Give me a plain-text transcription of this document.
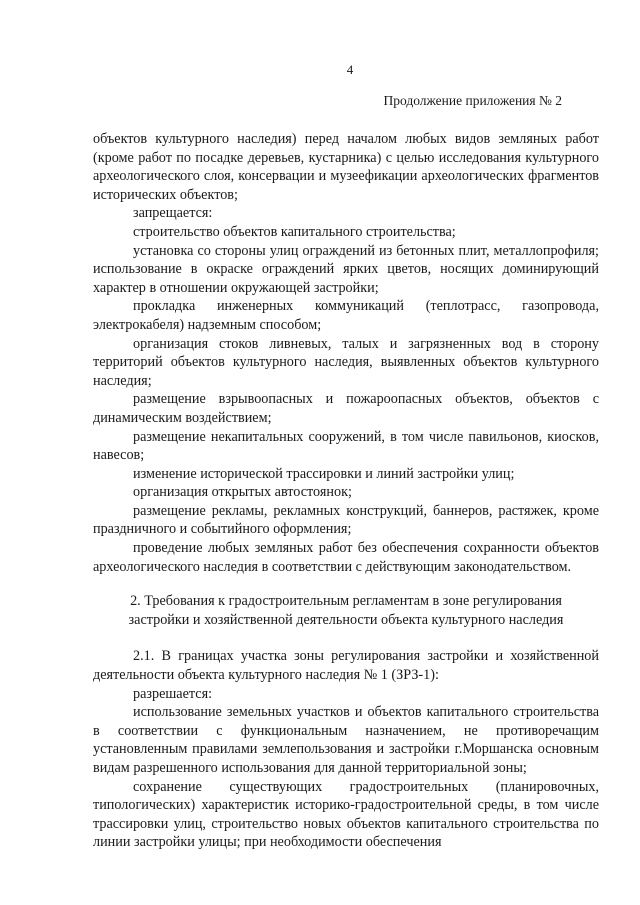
4
Продолжение приложения № 2

объектов культурного наследия) перед началом любых видов земляных работ (кроме работ по посадке деревьев, кустарника) с целью исследования культурного археологического слоя, консервации и музеефикации археологических фрагментов исторических объектов;

запрещается:

строительство объектов капитального строительства;

установка со стороны улиц ограждений из бетонных плит, металлопрофиля; использование в окраске ограждений ярких цветов, носящих доминирующий характер в отношении окружающей застройки;

прокладка инженерных коммуникаций (теплотрасс, газопровода, электрокабеля) надземным способом;

организация стоков ливневых, талых и загрязненных вод в сторону территорий объектов культурного наследия, выявленных объектов культурного наследия;

размещение взрывоопасных и пожароопасных объектов, объектов с динамическим воздействием;

размещение некапитальных сооружений, в том числе павильонов, киосков, навесов;

изменение исторической трассировки и линий застройки улиц;

организация открытых автостоянок;

размещение рекламы, рекламных конструкций, баннеров, растяжек, кроме праздничного и событийного оформления;

проведение любых земляных работ без обеспечения сохранности объектов археологического наследия в соответствии с действующим законодательством.

2. Требования к градостроительным регламентам в зоне регулирования застройки и хозяйственной деятельности объекта культурного наследия

2.1. В границах участка зоны регулирования застройки и хозяйственной деятельности объекта культурного наследия № 1 (ЗРЗ-1):

разрешается:

использование земельных участков и объектов капитального строительства в соответствии с функциональным назначением, не противоречащим установленным правилами землепользования и застройки г.Моршанска основным видам разрешенного использования для данной территориальной зоны;

сохранение существующих градостроительных (планировочных, типологических) характеристик историко-градостроительной среды, в том числе трассировки улиц, строительство новых объектов капитального строительства по линии застройки улицы; при необходимости обеспечения
